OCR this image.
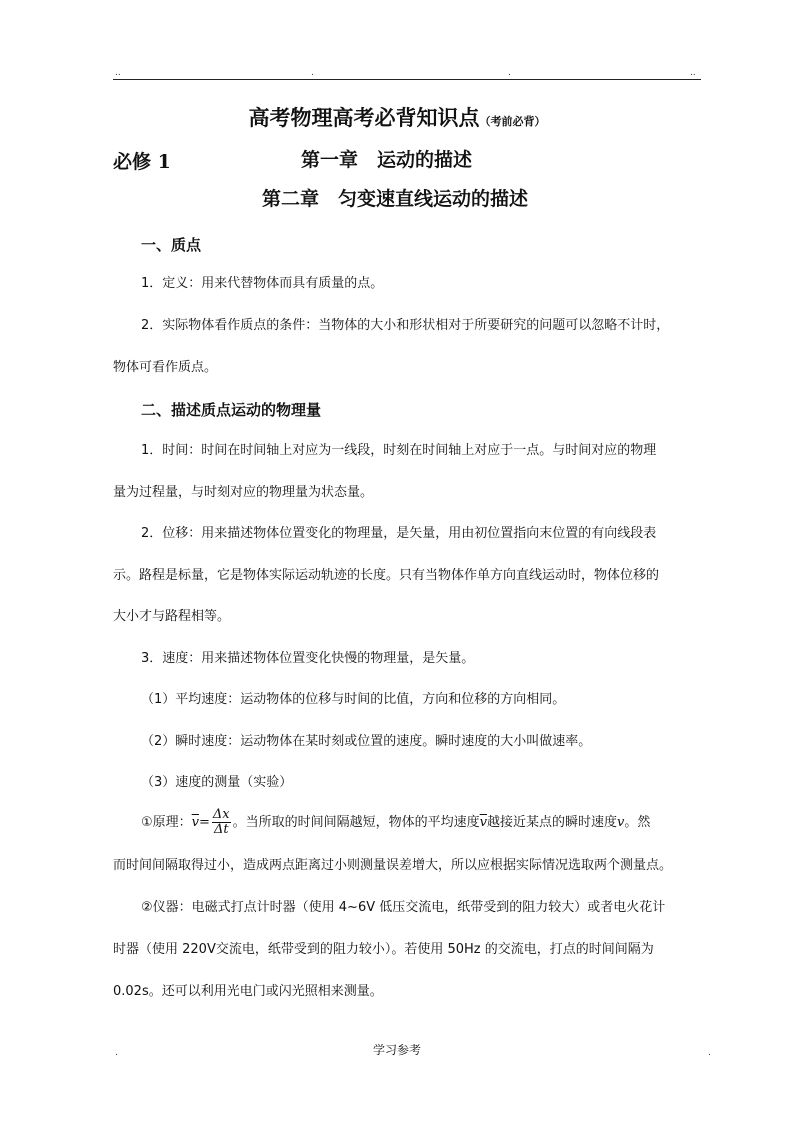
..	.	.	..
高考物理高考必背知识点（考前必背）
必修 1	第一章　运动的描述
第二章　匀变速直线运动的描述
一、质点
1．定义：用来代替物体而具有质量的点。
2．实际物体看作质点的条件：当物体的大小和形状相对于所要研究的问题可以忽略不计时，
物体可看作质点。
二、描述质点运动的物理量
1．时间：时间在时间轴上对应为一线段，时刻在时间轴上对应于一点。与时间对应的物理
量为过程量，与时刻对应的物理量为状态量。
2．位移：用来描述物体位置变化的物理量，是矢量，用由初位置指向末位置的有向线段表
示。路程是标量，它是物体实际运动轨迹的长度。只有当物体作单方向直线运动时，物体位移的
大小才与路程相等。
3．速度：用来描述物体位置变化快慢的物理量，是矢量。
（1）平均速度：运动物体的位移与时间的比值，方向和位移的方向相同。
（2）瞬时速度：运动物体在某时刻或位置的速度。瞬时速度的大小叫做速率。
（3）速度的测量（实验）
①原理：$\overline{v}= \frac{\Delta x}{\Delta t}$ 。当所取的时间间隔越短，物体的平均速度$\overline{v}$越接近某点的瞬时速度v。然
而时间间隔取得过小，造成两点距离过小则测量误差增大，所以应根据实际情况选取两个测量点。
②仪器：电磁式打点计时器（使用 4~6V 低压交流电，纸带受到的阻力较大）或者电火花计
时器（使用 220V交流电，纸带受到的阻力较小）。若使用 50Hz 的交流电，打点的时间间隔为
0.02s。还可以利用光电门或闪光照相来测量。
.	学习参考	.
